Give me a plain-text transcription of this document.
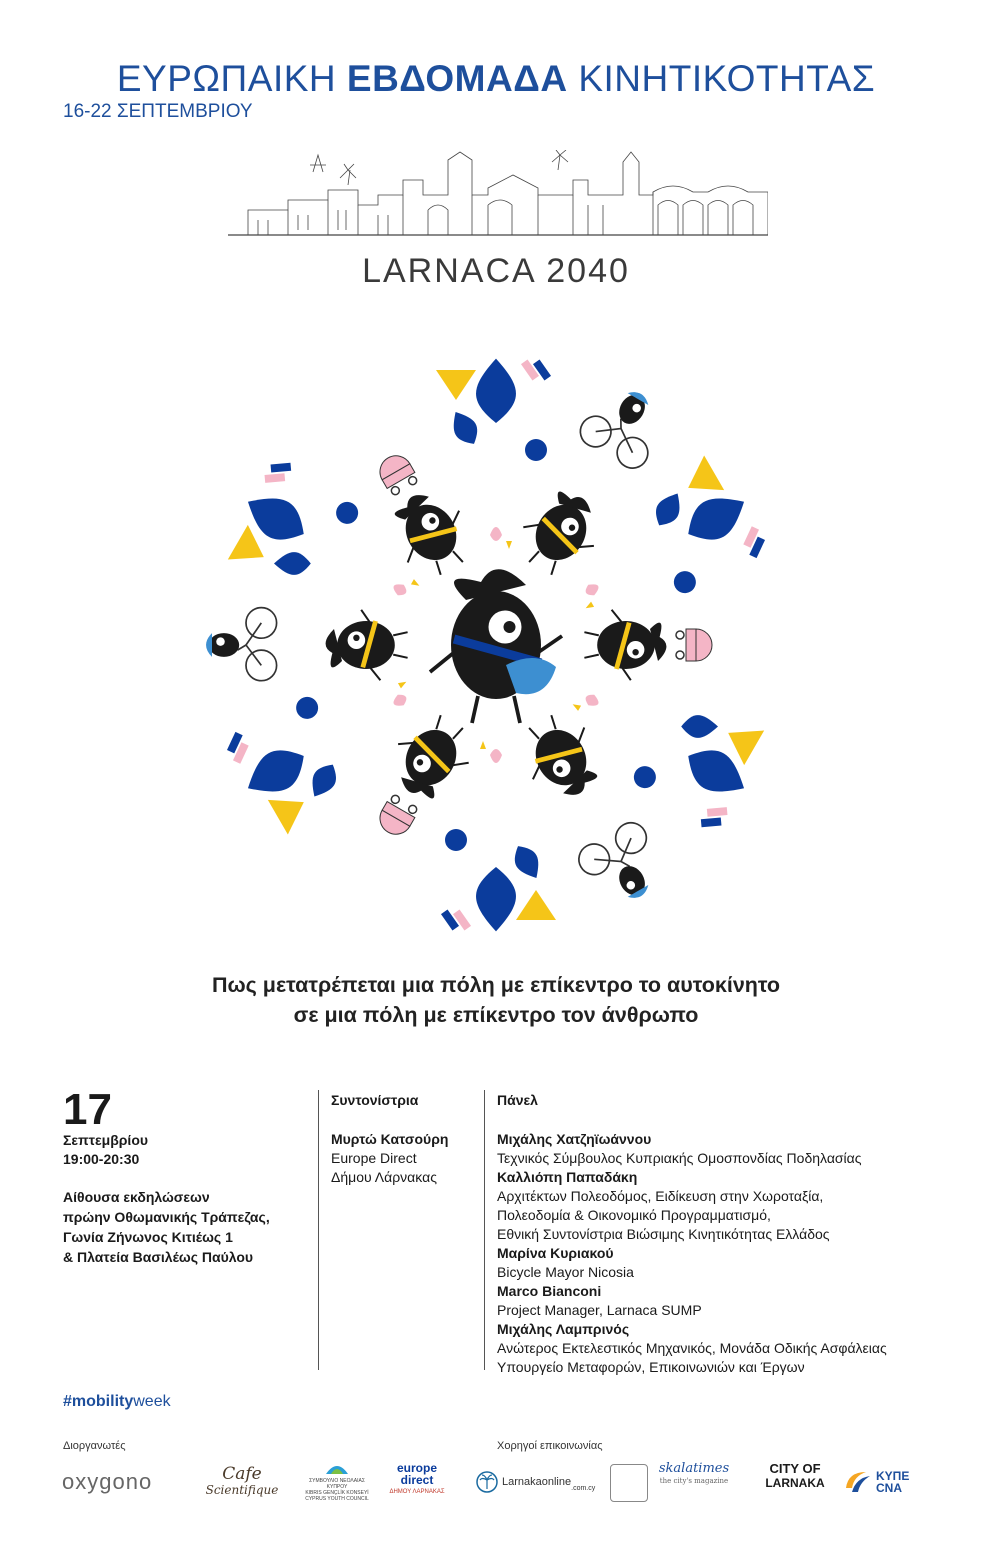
ΕΥΡΩΠΑΙΚΗ ΕΒΔΟΜΑΔΑ ΚΙΝΗΤΙΚΟΤΗΤΑΣ
16-22 ΣΕΠΤΕΜΒΡΙΟΥ
LARNACA 2040
Πως μετατρέπεται μια πόλη με επίκεντρο το αυτοκίνητο
σε μια πόλη με επίκεντρο τον άνθρωπο
17
Σεπτεμβρίου
19:00-20:30
Αίθουσα εκδηλώσεων
πρώην Οθωμανικής Τράπεζας,
Γωνία Ζήνωνος Κιτιέως 1
& Πλατεία Βασιλέως Παύλου
Συντονίστρια	Πάνελ
Μυρτώ Κατσούρη
Europe Direct
Δήμου Λάρνακας
Μιχάλης Χατζηϊωάννου
Τεχνικός Σύμβουλος Κυπριακής Ομοσπονδίας Ποδηλασίας
Καλλιόπη Παπαδάκη
Αρχιτέκτων Πολεοδόμος, Ειδίκευση στην Χωροταξία,
Πολεοδομία & Οικονομικό Προγραμματισμό,
Εθνική Συντονίστρια Βιώσιμης Κινητικότητας Ελλάδος
Μαρίνα Κυριακού
Bicycle Mayor Nicosia
Marco Bianconi
Project Manager, Larnaca SUMP
Μιχάλης Λαμπρινός
Ανώτερος Εκτελεστικός Μηχανικός, Μονάδα Οδικής Ασφάλειας
Υπουργείο Μεταφορών, Επικοινωνιών και Έργων
#mobilityweek
Διοργανωτές	Χορηγοί επικοινωνίας
oxygono	Cafe
Scientifique
ΣΥΜΒΟΥΛΙΟ ΝΕΟΛΑΙΑΣ ΚΥΠΡΟΥ
KIBRIS GENÇLİK KONSEYİ
CYPRUS YOUTH COUNCIL
europe
direct
ΔΗΜΟΥ ΛΑΡΝΑΚΑΣ
Larnakaonline
.com.cy
skalatimes
the city's magazine
CITY OF
LARNAKA	ΚΥΠΕ
CNA
